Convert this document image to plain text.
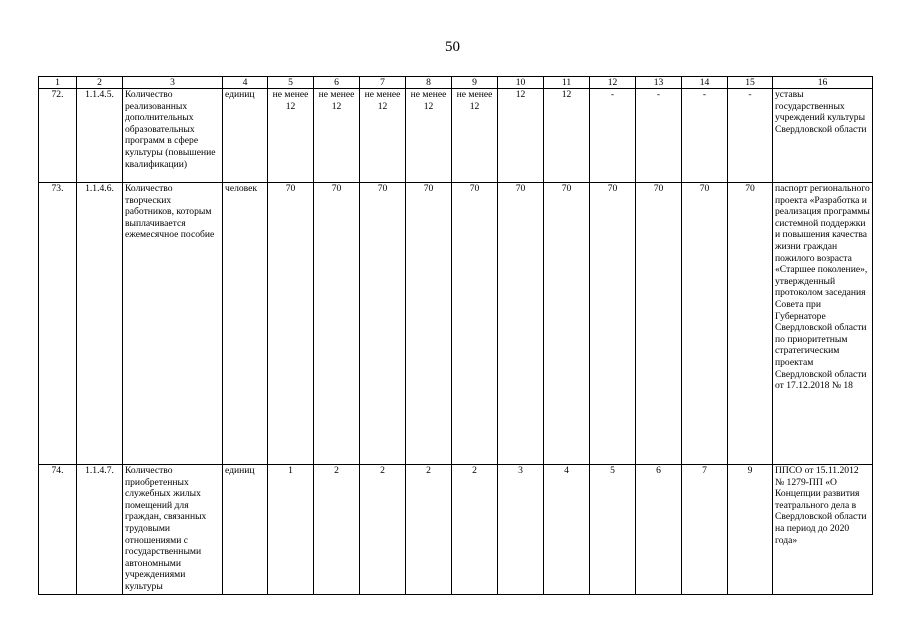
50
1	2	3	4	5	6	7	8	9	10	11	12	13	14	15	16
72.	1.1.4.5.	Количество реализованных дополнительных образовательных программ в сфере культуры (повышение квалификации)	единиц	не менее 12	не менее 12	не менее 12	не менее 12	не менее 12	12	12	-	-	-	-	уставы государственных учреждений культуры Свердловской области
73.	1.1.4.6.	Количество творческих работников, которым выплачивается ежемесячное пособие	человек	70	70	70	70	70	70	70	70	70	70	70	паспорт регионального проекта «Разработка и реализация программы системной поддержки и повышения качества жизни граждан пожилого возраста «Старшее поколение», утвержденный протоколом заседания Совета при Губернаторе Свердловской области по приоритетным стратегическим проектам Свердловской области от 17.12.2018 № 18
74.	1.1.4.7.	Количество приобретенных служебных жилых помещений для граждан, связанных трудовыми отношениями с государственными автономными учреждениями культуры	единиц	1	2	2	2	2	3	4	5	6	7	9	ППСО от 15.11.2012 № 1279-ПП «О Концепции развития театрального дела в Свердловской области на период до 2020 года»
